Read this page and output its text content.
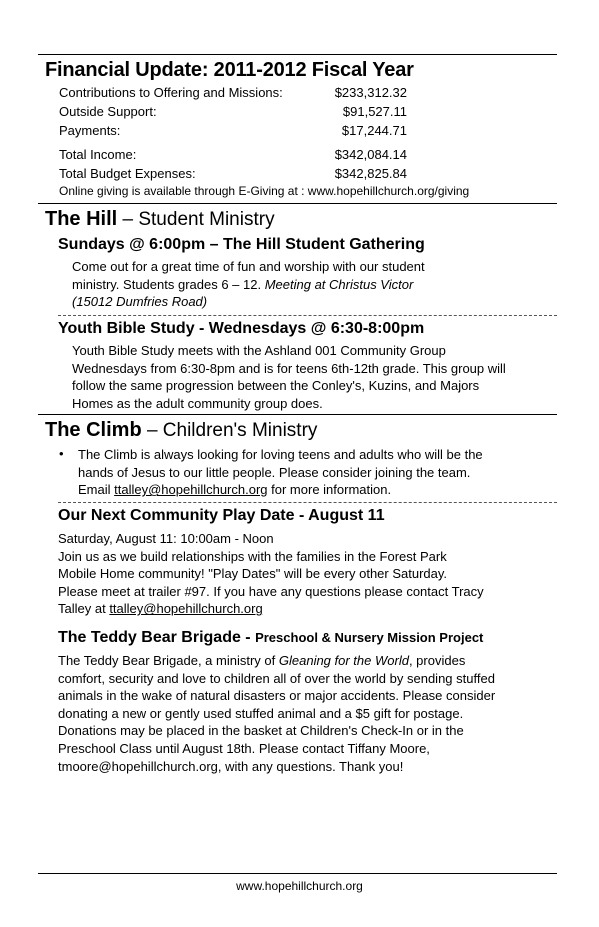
Financial Update: 2011-2012 Fiscal Year
Contributions to Offering and Missions:	$233,312.32
Outside Support:	$91,527.11
Payments:	$17,244.71
Total Income:	$342,084.14
Total Budget Expenses:	$342,825.84
Online giving is available through E-Giving at : www.hopehillchurch.org/giving
The Hill – Student Ministry
Sundays @ 6:00pm – The Hill Student Gathering
Come out for a great time of fun and worship with our student
ministry. Students grades 6 – 12. Meeting at Christus Victor
(15012 Dumfries Road)
Youth Bible Study - Wednesdays @ 6:30-8:00pm
Youth Bible Study meets with the Ashland 001 Community Group
Wednesdays from 6:30-8pm and is for teens 6th-12th grade. This group will
follow the same progression between the Conley's, Kuzins, and Majors
Homes as the adult community group does.
The Climb – Children's Ministry
• The Climb is always looking for loving teens and adults who will be the
hands of Jesus to our little people. Please consider joining the team.
Email ttalley@hopehillchurch.org for more information.
Our Next Community Play Date - August 11
Saturday, August 11: 10:00am - Noon
Join us as we build relationships with the families in the Forest Park
Mobile Home community! "Play Dates" will be every other Saturday.
Please meet at trailer #97. If you have any questions please contact Tracy
Talley at ttalley@hopehillchurch.org
The Teddy Bear Brigade - Preschool & Nursery Mission Project
The Teddy Bear Brigade, a ministry of Gleaning for the World, provides
comfort, security and love to children all of over the world by sending stuffed
animals in the wake of natural disasters or major accidents. Please consider
donating a new or gently used stuffed animal and a $5 gift for postage.
Donations may be placed in the basket at Children's Check-In or in the
Preschool Class until August 18th. Please contact Tiffany Moore,
tmoore@hopehillchurch.org, with any questions. Thank you!
www.hopehillchurch.org
